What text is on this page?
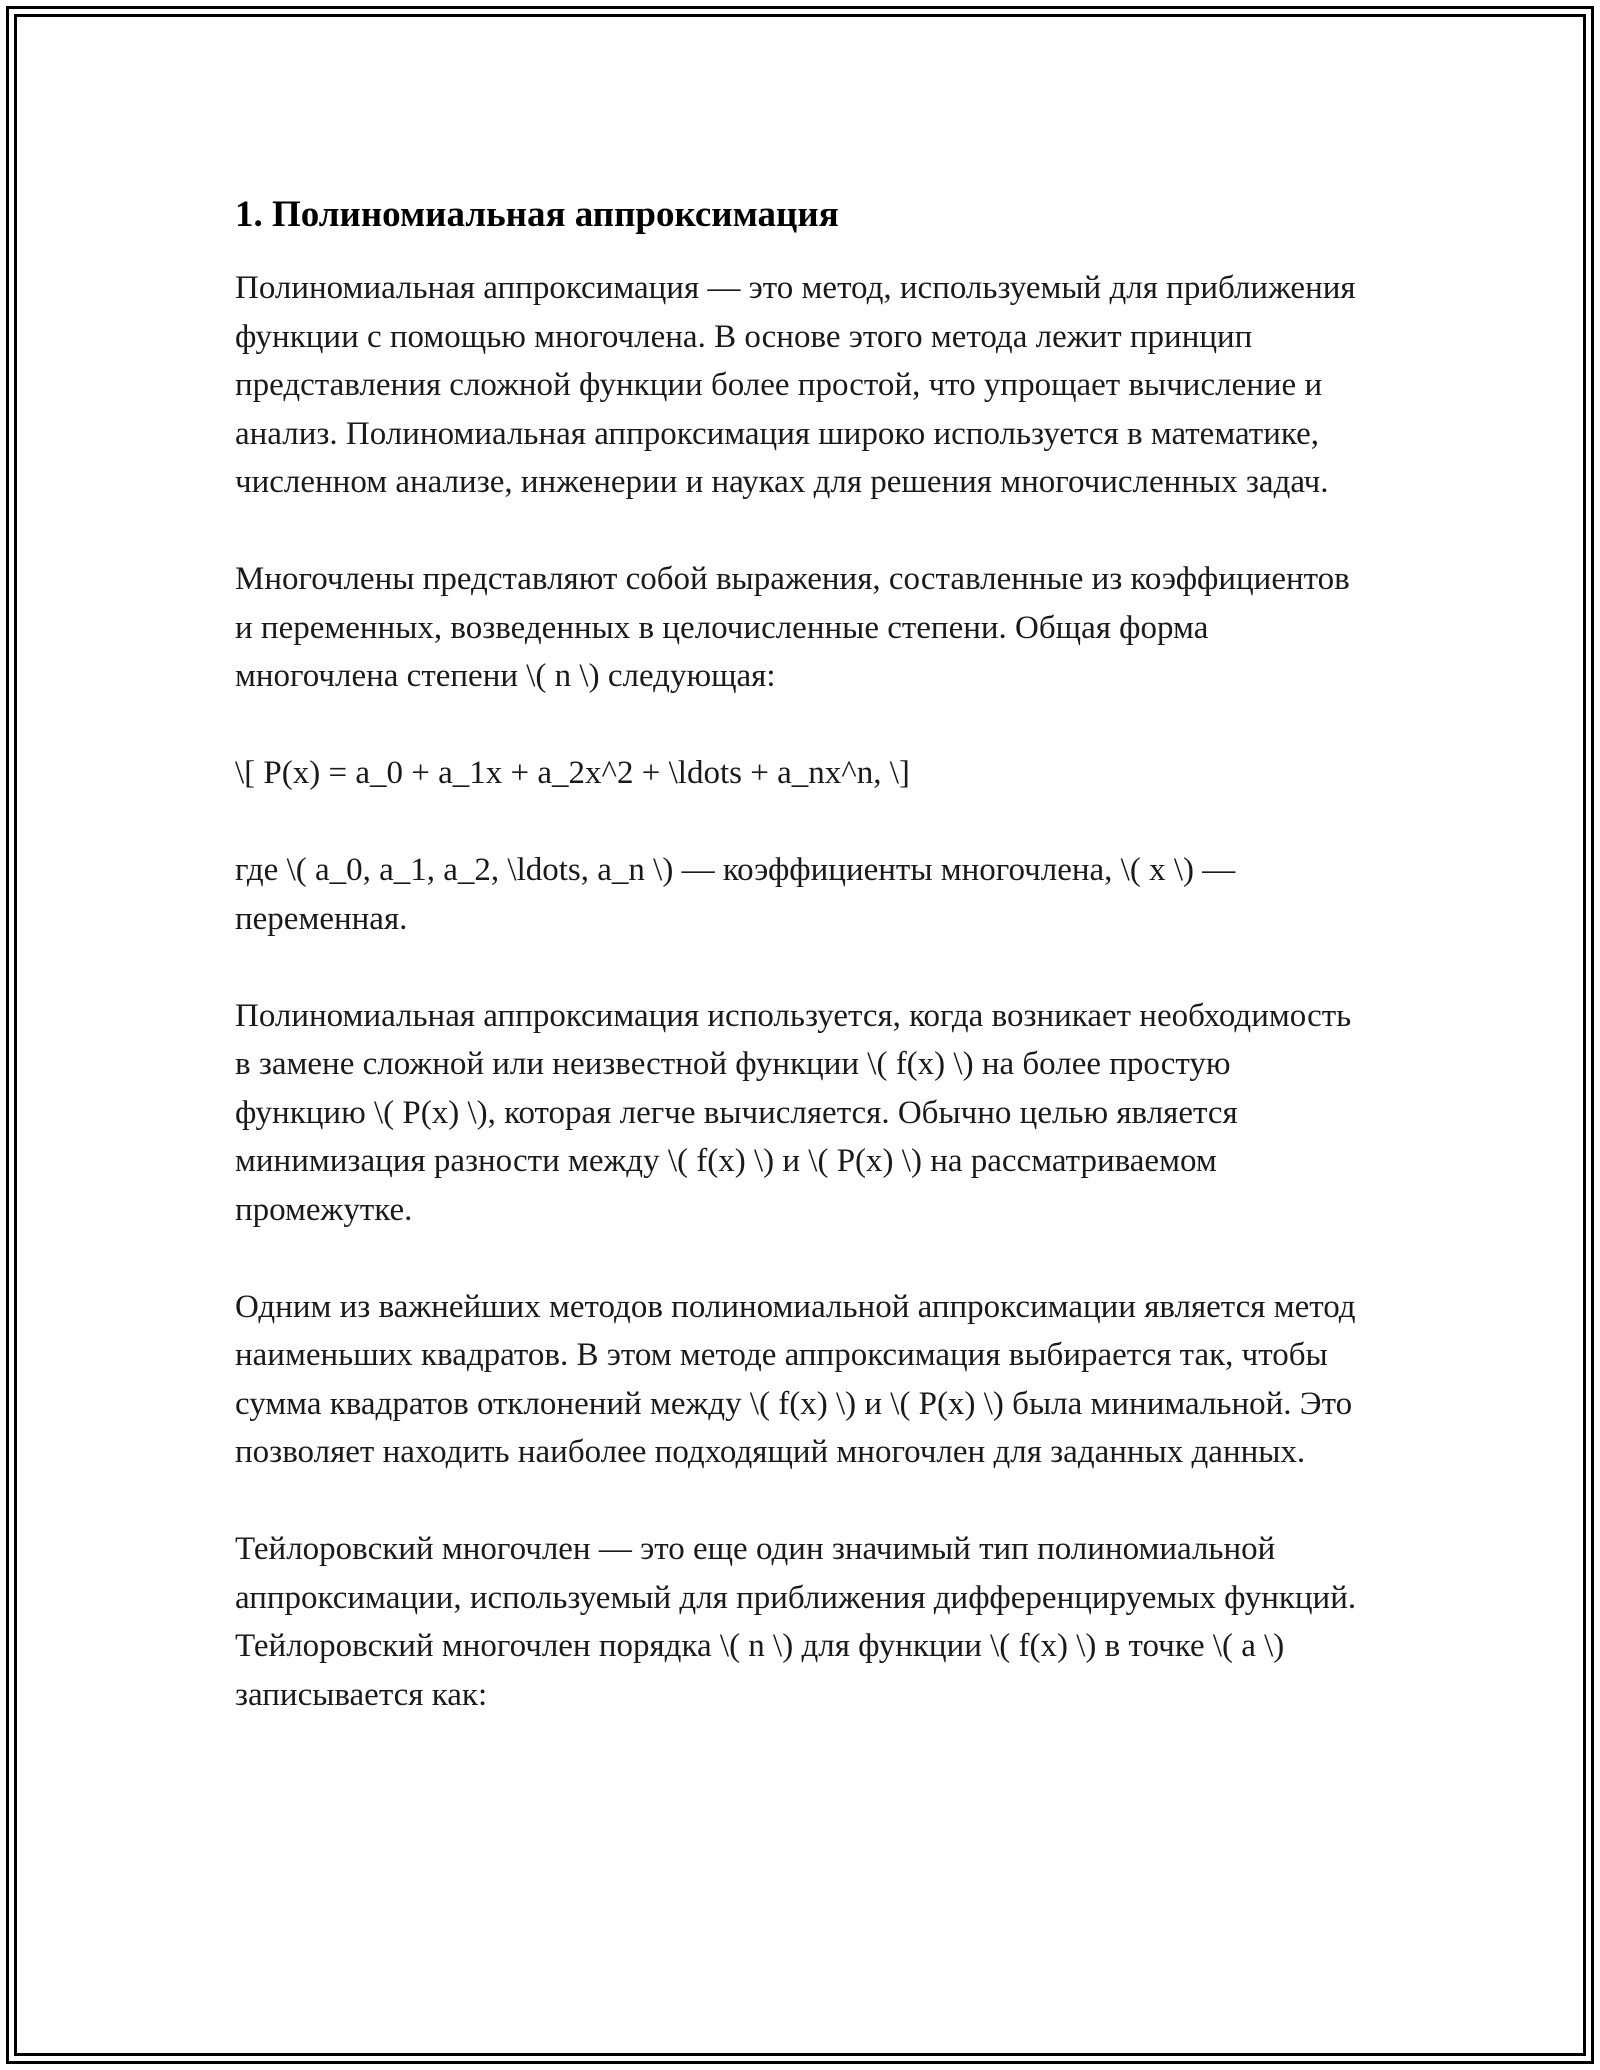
1. Полиномиальная аппроксимация

Полиномиальная аппроксимация — это метод, используемый для приближения функции с помощью многочлена. В основе этого метода лежит принцип представления сложной функции более простой, что упрощает вычисление и анализ. Полиномиальная аппроксимация широко используется в математике, численном анализе, инженерии и науках для решения многочисленных задач.

Многочлены представляют собой выражения, составленные из коэффициентов и переменных, возведенных в целочисленные степени. Общая форма многочлена степени \( n \) следующая:

\[ P(x) = a_0 + a_1x + a_2x^2 + \ldots + a_nx^n, \]

где \( a_0, a_1, a_2, \ldots, a_n \) — коэффициенты многочлена, \( x \) — переменная.

Полиномиальная аппроксимация используется, когда возникает необходимость в замене сложной или неизвестной функции \( f(x) \) на более простую функцию \( P(x) \), которая легче вычисляется. Обычно целью является минимизация разности между \( f(x) \) и \( P(x) \) на рассматриваемом промежутке.

Одним из важнейших методов полиномиальной аппроксимации является метод наименьших квадратов. В этом методе аппроксимация выбирается так, чтобы сумма квадратов отклонений между \( f(x) \) и \( P(x) \) была минимальной. Это позволяет находить наиболее подходящий многочлен для заданных данных.

Тейлоровский многочлен — это еще один значимый тип полиномиальной аппроксимации, используемый для приближения дифференцируемых функций. Тейлоровский многочлен порядка \( n \) для функции \( f(x) \) в точке \( a \) записывается как:
